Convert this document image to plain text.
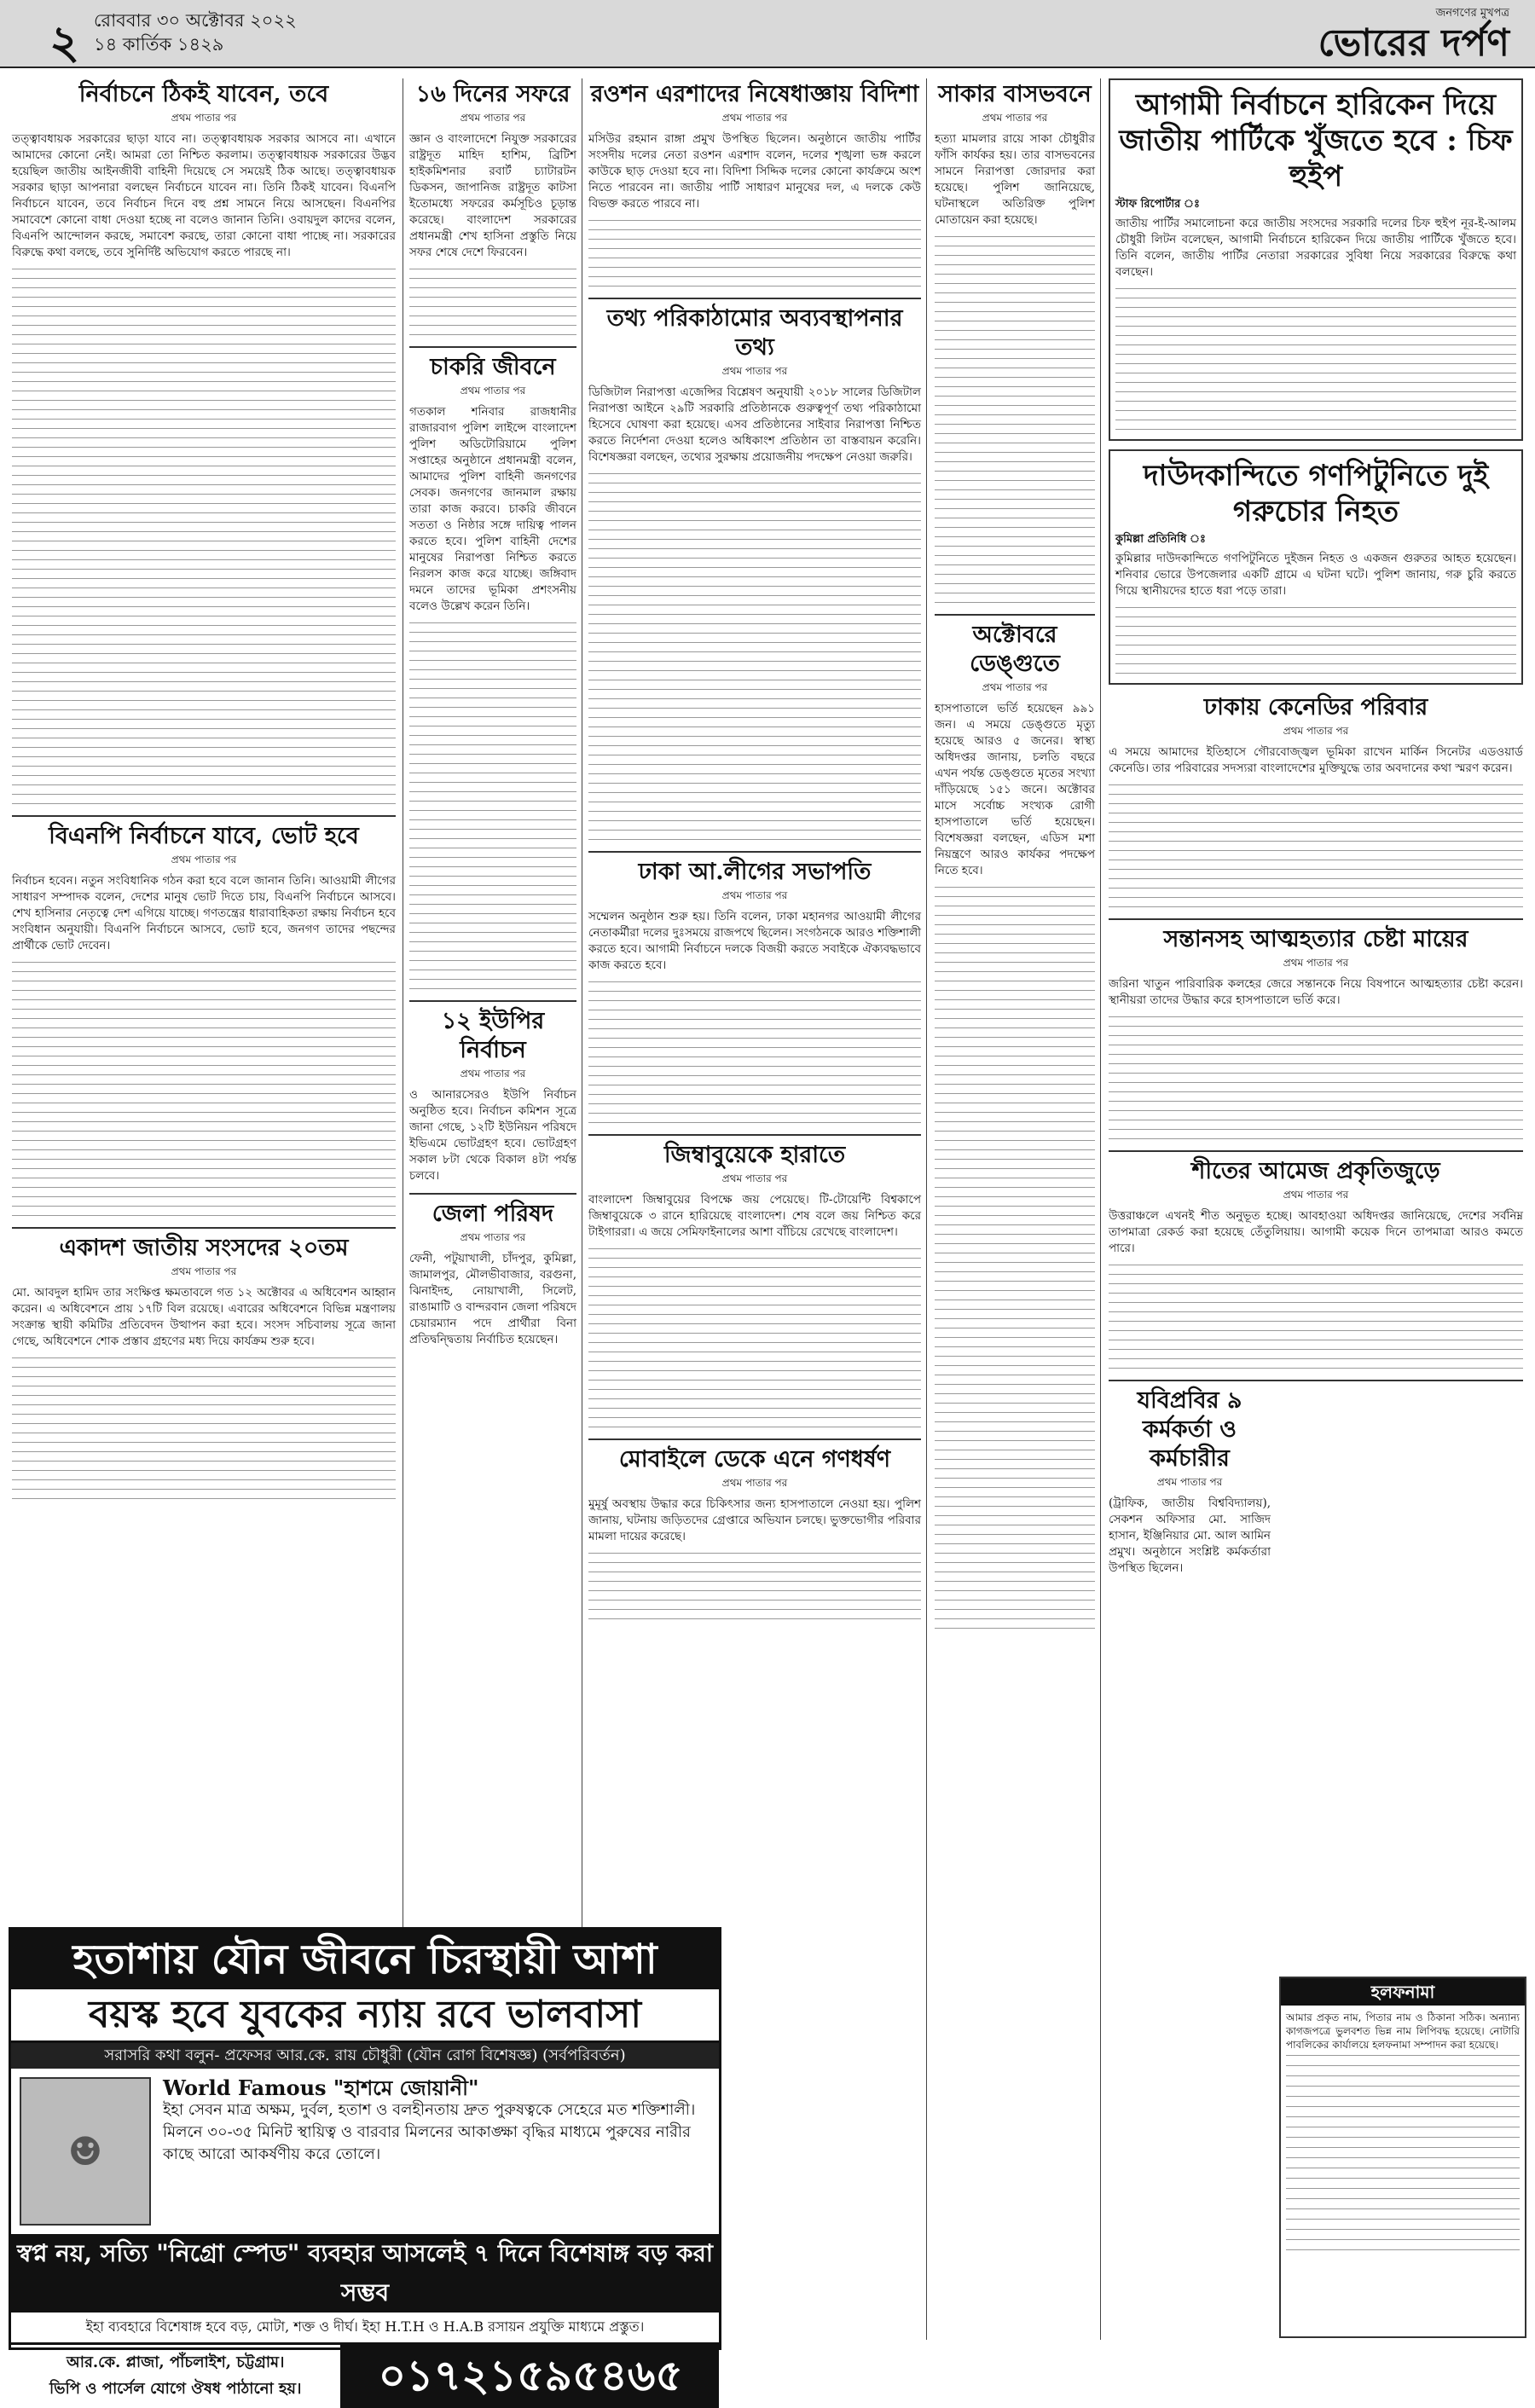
২ রোববার ৩০ অক্টোবর ২০২২
১৪ কার্তিক ১৪২৯
জনগণের মুখপত্র
ভোরের দর্পণ
নির্বাচনে ঠিকই যাবেন, তবে
প্রথম পাতার পর

তত্ত্বাবধায়ক সরকারের ছাড়া যাবে না। তত্ত্বাবধায়ক সরকার আসবে না। এখানে আমাদের কোনো নেই। আমরা তো নিশ্চিত করলাম। তত্ত্বাবধায়ক সরকারের উদ্ভব হয়েছিল জাতীয় আইনজীবী বাহিনী দিয়েছে সে সময়েই ঠিক আছে। তত্ত্বাবধায়ক সরকার ছাড়া আপনারা বলছেন নির্বাচনে যাবেন না। তিনি ঠিকই যাবেন। বিএনপি নির্বাচনে যাবেন, তবে নির্বাচন দিনে বহু প্রশ্ন সামনে নিয়ে আসছেন। বিএনপির সমাবেশে কোনো বাধা দেওয়া হচ্ছে না বলেও জানান তিনি। ওবায়দুল কাদের বলেন, বিএনপি আন্দোলন করছে, সমাবেশ করছে, তারা কোনো বাধা পাচ্ছে না। সরকারের বিরুদ্ধে কথা বলছে, তবে সুনির্দিষ্ট অভিযোগ করতে পারছে না।

বিএনপি নির্বাচনে যাবে, ভোট হবে
প্রথম পাতার পর

নির্বাচন হবেন। নতুন সংবিধানিক গঠন করা হবে বলে জানান তিনি। আওয়ামী লীগের সাধারণ সম্পাদক বলেন, দেশের মানুষ ভোট দিতে চায়, বিএনপি নির্বাচনে আসবে। শেখ হাসিনার নেতৃত্বে দেশ এগিয়ে যাচ্ছে। গণতন্ত্রের ধারাবাহিকতা রক্ষায় নির্বাচন হবে সংবিধান অনুযায়ী। বিএনপি নির্বাচনে আসবে, ভোট হবে, জনগণ তাদের পছন্দের প্রার্থীকে ভোট দেবেন।

একাদশ জাতীয় সংসদের ২০তম
প্রথম পাতার পর

মো. আবদুল হামিদ তার সংক্ষিপ্ত ক্ষমতাবলে গত ১২ অক্টোবর এ অধিবেশন আহ্বান করেন। এ অধিবেশনে প্রায় ১৭টি বিল রয়েছে। এবারের অধিবেশনে বিভিন্ন মন্ত্রণালয় সংক্রান্ত স্থায়ী কমিটির প্রতিবেদন উত্থাপন করা হবে। সংসদ সচিবালয় সূত্রে জানা গেছে, অধিবেশনে শোক প্রস্তাব গ্রহণের মধ্য দিয়ে কার্যক্রম শুরু হবে।

১৬ দিনের সফরে
প্রথম পাতার পর

জ্ঞান ও বাংলাদেশে নিযুক্ত সরকারের রাষ্ট্রদূত মাহিদ হাশিম, ব্রিটিশ হাইকমিশনার রবার্ট চ্যাটারটন ডিকসন, জাপানিজ রাষ্ট্রদূত কাটসা ইতোমধ্যে সফরের কর্মসূচিও চূড়ান্ত করেছে। বাংলাদেশ সরকারের প্রধানমন্ত্রী শেখ হাসিনা প্রস্তুতি নিয়ে সফর শেষে দেশে ফিরবেন।

চাকরি জীবনে
প্রথম পাতার পর

গতকাল শনিবার রাজধানীর রাজারবাগ পুলিশ লাইন্সে বাংলাদেশ পুলিশ অডিটোরিয়ামে পুলিশ সপ্তাহের অনুষ্ঠানে প্রধানমন্ত্রী বলেন, আমাদের পুলিশ বাহিনী জনগণের সেবক। জনগণের জানমাল রক্ষায় তারা কাজ করবে। চাকরি জীবনে সততা ও নিষ্ঠার সঙ্গে দায়িত্ব পালন করতে হবে। পুলিশ বাহিনী দেশের মানুষের নিরাপত্তা নিশ্চিত করতে নিরলস কাজ করে যাচ্ছে। জঙ্গিবাদ দমনে তাদের ভূমিকা প্রশংসনীয় বলেও উল্লেখ করেন তিনি।

১২ ইউপির নির্বাচন
প্রথম পাতার পর

ও আনারসেরও ইউপি নির্বাচন অনুষ্ঠিত হবে। নির্বাচন কমিশন সূত্রে জানা গেছে, ১২টি ইউনিয়ন পরিষদে ইভিএমে ভোটগ্রহণ হবে। ভোটগ্রহণ সকাল ৮টা থেকে বিকাল ৪টা পর্যন্ত চলবে।

জেলা পরিষদ
প্রথম পাতার পর

ফেনী, পটুয়াখালী, চাঁদপুর, কুমিল্লা, জামালপুর, মৌলভীবাজার, বরগুনা, ঝিনাইদহ, নোয়াখালী, সিলেট, রাঙামাটি ও বান্দরবান জেলা পরিষদে চেয়ারম্যান পদে প্রার্থীরা বিনা প্রতিদ্বন্দ্বিতায় নির্বাচিত হয়েছেন।

রওশন এরশাদের নিষেধাজ্ঞায় বিদিশা
প্রথম পাতার পর

মসিউর রহমান রাঙ্গা প্রমুখ উপস্থিত ছিলেন। অনুষ্ঠানে জাতীয় পার্টির সংসদীয় দলের নেতা রওশন এরশাদ বলেন, দলের শৃঙ্খলা ভঙ্গ করলে কাউকে ছাড় দেওয়া হবে না। বিদিশা সিদ্দিক দলের কোনো কার্যক্রমে অংশ নিতে পারবেন না। জাতীয় পার্টি সাধারণ মানুষের দল, এ দলকে কেউ বিভক্ত করতে পারবে না।

তথ্য পরিকাঠামোর অব্যবস্থাপনার তথ্য
প্রথম পাতার পর

ডিজিটাল নিরাপত্তা এজেন্সির বিশ্লেষণ অনুযায়ী ২০১৮ সালের ডিজিটাল নিরাপত্তা আইনে ২৯টি সরকারি প্রতিষ্ঠানকে গুরুত্বপূর্ণ তথ্য পরিকাঠামো হিসেবে ঘোষণা করা হয়েছে। এসব প্রতিষ্ঠানের সাইবার নিরাপত্তা নিশ্চিত করতে নির্দেশনা দেওয়া হলেও অধিকাংশ প্রতিষ্ঠান তা বাস্তবায়ন করেনি। বিশেষজ্ঞরা বলছেন, তথ্যের সুরক্ষায় প্রয়োজনীয় পদক্ষেপ নেওয়া জরুরি।

ঢাকা আ.লীগের সভাপতি
প্রথম পাতার পর

সম্মেলন অনুষ্ঠান শুরু হয়। তিনি বলেন, ঢাকা মহানগর আওয়ামী লীগের নেতাকর্মীরা দলের দুঃসময়ে রাজপথে ছিলেন। সংগঠনকে আরও শক্তিশালী করতে হবে। আগামী নির্বাচনে দলকে বিজয়ী করতে সবাইকে ঐক্যবদ্ধভাবে কাজ করতে হবে।

জিম্বাবুয়েকে হারাতে
প্রথম পাতার পর

বাংলাদেশ জিম্বাবুয়ের বিপক্ষে জয় পেয়েছে। টি-টোয়েন্টি বিশ্বকাপে জিম্বাবুয়েকে ৩ রানে হারিয়েছে বাংলাদেশ। শেষ বলে জয় নিশ্চিত করে টাইগাররা। এ জয়ে সেমিফাইনালের আশা বাঁচিয়ে রেখেছে বাংলাদেশ।

মোবাইলে ডেকে এনে গণধর্ষণ
প্রথম পাতার পর

মুমূর্ষু অবস্থায় উদ্ধার করে চিকিৎসার জন্য হাসপাতালে নেওয়া হয়। পুলিশ জানায়, ঘটনায় জড়িতদের গ্রেপ্তারে অভিযান চলছে। ভুক্তভোগীর পরিবার মামলা দায়ের করেছে।

সাকার বাসভবনে
প্রথম পাতার পর

হত্যা মামলার রায়ে সাকা চৌধুরীর ফাঁসি কার্যকর হয়। তার বাসভবনের সামনে নিরাপত্তা জোরদার করা হয়েছে। পুলিশ জানিয়েছে, ঘটনাস্থলে অতিরিক্ত পুলিশ মোতায়েন করা হয়েছে।

অক্টোবরে ডেঙ্গুতে
প্রথম পাতার পর

হাসপাতালে ভর্তি হয়েছেন ৯৯১ জন। এ সময়ে ডেঙ্গুতে মৃত্যু হয়েছে আরও ৫ জনের। স্বাস্থ্য অধিদপ্তর জানায়, চলতি বছরে এখন পর্যন্ত ডেঙ্গুতে মৃতের সংখ্যা দাঁড়িয়েছে ১৫১ জনে। অক্টোবর মাসে সর্বোচ্চ সংখ্যক রোগী হাসপাতালে ভর্তি হয়েছেন। বিশেষজ্ঞরা বলছেন, এডিস মশা নিয়ন্ত্রণে আরও কার্যকর পদক্ষেপ নিতে হবে।

আগামী নির্বাচনে হারিকেন দিয়ে জাতীয় পার্টিকে খুঁজতে হবে : চিফ হুইপ
স্টাফ রিপোর্টার ঃ

জাতীয় পার্টির সমালোচনা করে জাতীয় সংসদের সরকারি দলের চিফ হুইপ নূর-ই-আলম চৌধুরী লিটন বলেছেন, আগামী নির্বাচনে হারিকেন দিয়ে জাতীয় পার্টিকে খুঁজতে হবে। তিনি বলেন, জাতীয় পার্টির নেতারা সরকারের সুবিধা নিয়ে সরকারের বিরুদ্ধে কথা বলছেন।

দাউদকান্দিতে গণপিটুনিতে দুই গরুচোর নিহত
কুমিল্লা প্রতিনিধি ঃ

কুমিল্লার দাউদকান্দিতে গণপিটুনিতে দুইজন নিহত ও একজন গুরুতর আহত হয়েছেন। শনিবার ভোরে উপজেলার একটি গ্রামে এ ঘটনা ঘটে। পুলিশ জানায়, গরু চুরি করতে গিয়ে স্থানীয়দের হাতে ধরা পড়ে তারা।

ঢাকায় কেনেডির পরিবার
প্রথম পাতার পর

এ সময়ে আমাদের ইতিহাসে গৌরবোজ্জ্বল ভূমিকা রাখেন মার্কিন সিনেটর এডওয়ার্ড কেনেডি। তার পরিবারের সদস্যরা বাংলাদেশের মুক্তিযুদ্ধে তার অবদানের কথা স্মরণ করেন।

সন্তানসহ আত্মহত্যার চেষ্টা মায়ের
প্রথম পাতার পর

জরিনা খাতুন পারিবারিক কলহের জেরে সন্তানকে নিয়ে বিষপানে আত্মহত্যার চেষ্টা করেন। স্থানীয়রা তাদের উদ্ধার করে হাসপাতালে ভর্তি করে।

শীতের আমেজ প্রকৃতিজুড়ে
প্রথম পাতার পর

উত্তরাঞ্চলে এখনই শীত অনুভূত হচ্ছে। আবহাওয়া অধিদপ্তর জানিয়েছে, দেশের সর্বনিম্ন তাপমাত্রা রেকর্ড করা হয়েছে তেঁতুলিয়ায়। আগামী কয়েক দিনে তাপমাত্রা আরও কমতে পারে।

যবিপ্রবির ৯ কর্মকর্তা ও কর্মচারীর
প্রথম পাতার পর

(ট্রাফিক, জাতীয় বিশ্ববিদ্যালয়), সেকশন অফিসার মো. সাজিদ হাসান, ইঞ্জিনিয়ার মো. আল আমিন প্রমুখ। অনুষ্ঠানে সংশ্লিষ্ট কর্মকর্তারা উপস্থিত ছিলেন।

হতাশায় যৌন জীবনে চিরস্থায়ী আশা
বয়স্ক হবে যুবকের ন্যায় রবে ভালবাসা
সরাসরি কথা বলুন- প্রফেসর আর.কে. রায় চৌধুরী (যৌন রোগ বিশেষজ্ঞ) (সর্বপরিবর্তন)
☻
World Famous "হাশমে জোয়ানী"
ইহা সেবন মাত্র অক্ষম, দুর্বল, হতাশ ও বলহীনতায় দ্রুত পুরুষত্বকে সেহেরে মত শক্তিশালী। মিলনে ৩০-৩৫ মিনিট স্থায়িত্ব ও বারবার মিলনের আকাঙ্ক্ষা বৃদ্ধির মাধ্যমে পুরুষের নারীর কাছে আরো আকর্ষণীয় করে তোলে।
স্বপ্ন নয়, সত্যি "নিগ্রো স্পেড" ব্যবহার আসলেই ৭ দিনে বিশেষাঙ্গ বড় করা সম্ভব
ইহা ব্যবহারে বিশেষাঙ্গ হবে বড়, মোটা, শক্ত ও দীর্ঘ। ইহা H.T.H ও H.A.B রসায়ন প্রযুক্তি মাধ্যমে প্রস্তুত।
আর.কে. প্লাজা, পাঁচলাইশ, চট্টগ্রাম।
ভিপি ও পার্সেল যোগে ঔষধ পাঠানো হয়।	০১৭২১৫৯৫৪৬৫
হলফনামা

আমার প্রকৃত নাম, পিতার নাম ও ঠিকানা সঠিক। অন্যান্য কাগজপত্রে ভুলবশত ভিন্ন নাম লিপিবদ্ধ হয়েছে। নোটারি পাবলিকের কার্যালয়ে হলফনামা সম্পাদন করা হয়েছে।
